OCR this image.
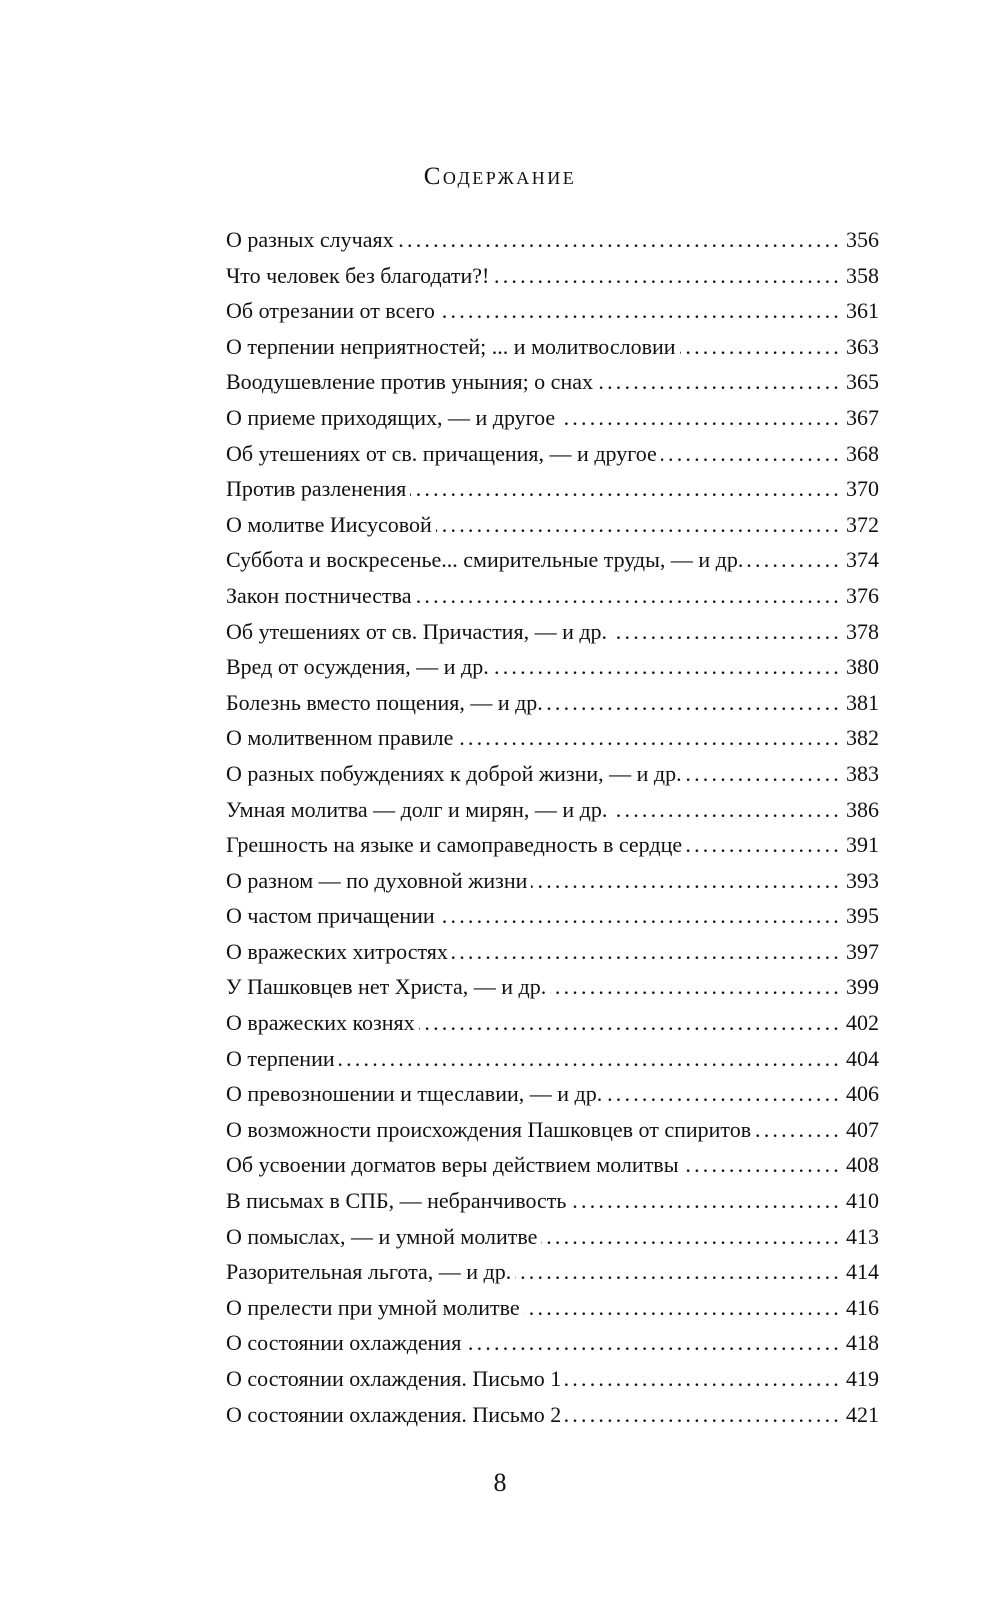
Содержание
О разных случаях .....	356
Что человек без благодати?! .....	358
Об отрезании от всего .....	361
О терпении неприятностей; ... и молитвословии .....	363
Воодушевление против уныния; о снах .....	365
О приеме приходящих, — и другое .....	367
Об утешениях от св. причащения, — и другое .....	368
Против разленения .....	370
О молитве Иисусовой .....	372
Суббота и воскресенье... смирительные труды, — и др. .....	374
Закон постничества .....	376
Об утешениях от св. Причастия, — и др. .....	378
Вред от осуждения, — и др. .....	380
Болезнь вместо пощения, — и др. .....	381
О молитвенном правиле .....	382
О разных побуждениях к доброй жизни, — и др. .....	383
Умная молитва — долг и мирян, — и др. .....	386
Грешность на языке и самоправедность в сердце .....	391
О разном — по духовной жизни .....	393
О частом причащении .....	395
О вражеских хитростях .....	397
У Пашковцев нет Христа, — и др. .....	399
О вражеских кознях .....	402
О терпении .....	404
О превозношении и тщеславии, — и др. .....	406
О возможности происхождения Пашковцев от спиритов .....	407
Об усвоении догматов веры действием молитвы .....	408
В письмах в СПБ, — небранчивость .....	410
О помыслах, — и умной молитве .....	413
Разорительная льгота, — и др. .....	414
О прелести при умной молитве .....	416
О состоянии охлаждения .....	418
О состоянии охлаждения. Письмо 1 .....	419
О состоянии охлаждения. Письмо 2 .....	421
8
